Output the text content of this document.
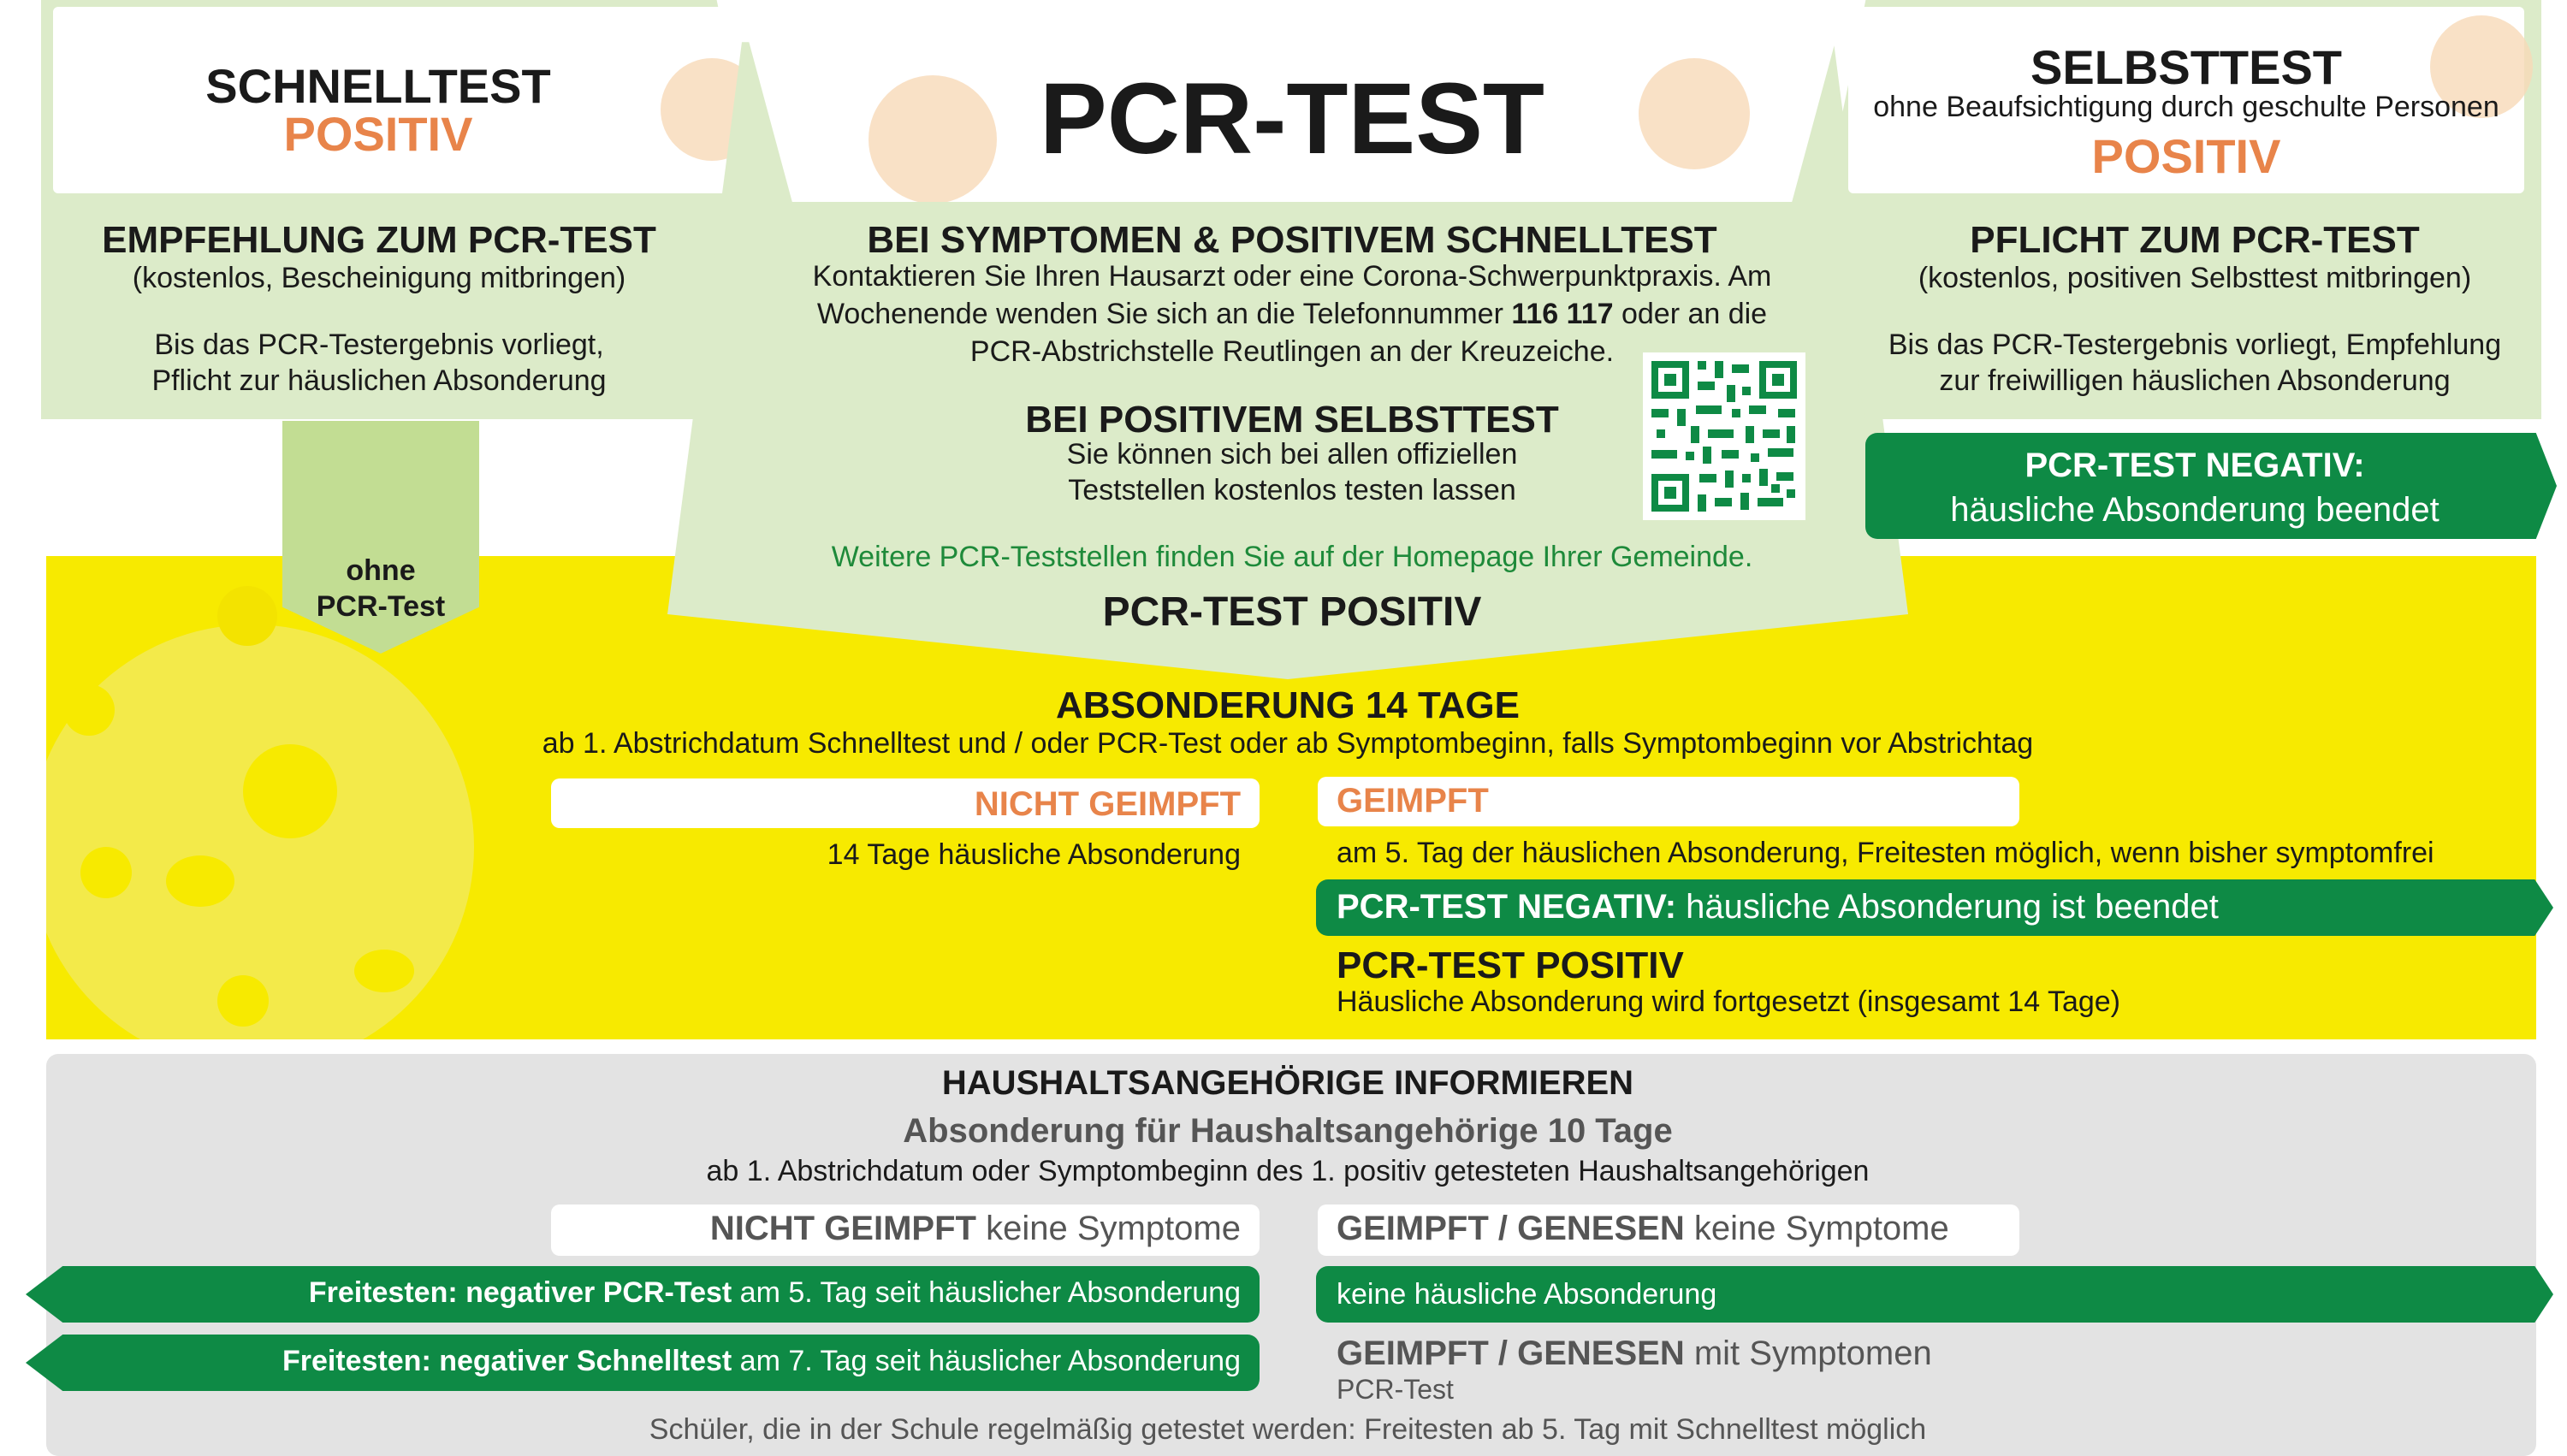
SCHNELLTEST
POSITIV
EMPFEHLUNG ZUM PCR-TEST
(kostenlos, Bescheinigung mitbringen)
Bis das PCR-Testergebnis vorliegt,
Pflicht zur häuslichen Absonderung
ohne
PCR-Test
PCR-TEST
BEI SYMPTOMEN & POSITIVEM SCHNELLTEST
Kontaktieren Sie Ihren Hausarzt oder eine Corona-Schwerpunktpraxis. Am
Wochenende wenden Sie sich an die Telefonnummer 116 117 oder an die
PCR-Abstrichstelle Reutlingen an der Kreuzeiche.
BEI POSITIVEM SELBSTTEST
Sie können sich bei allen offiziellen
Teststellen kostenlos testen lassen
Weitere PCR-Teststellen finden Sie auf der Homepage Ihrer Gemeinde.
PCR-TEST POSITIV
SELBSTTEST
ohne Beaufsichtigung durch geschulte Personen
POSITIV
PFLICHT ZUM PCR-TEST
(kostenlos, positiven Selbsttest mitbringen)
Bis das PCR-Testergebnis vorliegt, Empfehlung
zur freiwilligen häuslichen Absonderung
PCR-TEST NEGATIV:
häusliche Absonderung beendet
ABSONDERUNG 14 TAGE
ab 1. Abstrichdatum Schnelltest und / oder PCR-Test oder ab Symptombeginn, falls Symptombeginn vor Abstrichtag
NICHT GEIMPFT
14 Tage häusliche Absonderung
GEIMPFT
am 5. Tag der häuslichen Absonderung, Freitesten möglich, wenn bisher symptomfrei
PCR-TEST NEGATIV: häusliche Absonderung ist beendet
PCR-TEST POSITIV
Häusliche Absonderung wird fortgesetzt (insgesamt 14 Tage)
HAUSHALTSANGEHÖRIGE INFORMIEREN
Absonderung für Haushaltsangehörige 10 Tage
ab 1. Abstrichdatum oder Symptombeginn des 1. positiv getesteten Haushaltsangehörigen
NICHT GEIMPFT keine Symptome
Freitesten: negativer PCR-Test am 5. Tag seit häuslicher Absonderung
Freitesten: negativer Schnelltest am 7. Tag seit häuslicher Absonderung
GEIMPFT / GENESEN keine Symptome
keine häusliche Absonderung
GEIMPFT / GENESEN mit Symptomen
PCR-Test
Schüler, die in der Schule regelmäßig getestet werden: Freitesten ab 5. Tag mit Schnelltest möglich
